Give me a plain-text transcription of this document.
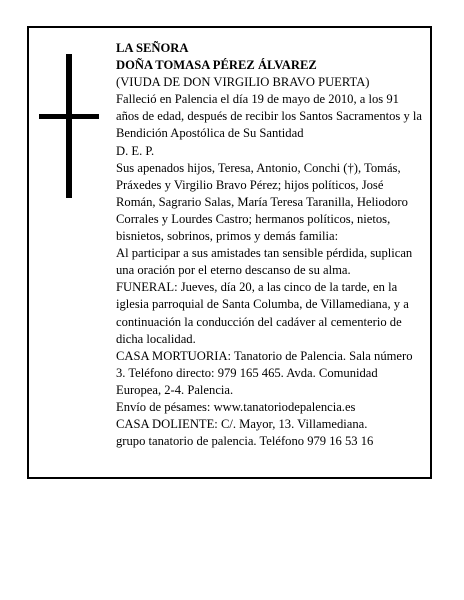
LA SEÑORA

DOÑA TOMASA PÉREZ ÁLVAREZ

(VIUDA DE DON VIRGILIO BRAVO PUERTA)

Falleció en Palencia el día 19 de mayo de 2010, a los 91 años de edad, después de recibir los Santos Sacramentos y la Bendición Apostólica de Su Santidad

D. E. P.

Sus apenados hijos, Teresa, Antonio, Conchi (†), Tomás, Práxedes y Virgilio Bravo Pérez; hijos políticos, José Román, Sagrario Salas, María Teresa Taranilla, Heliodoro Corrales y Lourdes Castro; hermanos políticos, nietos, bisnietos, sobrinos, primos y demás familia:

Al participar a sus amistades tan sensible pérdida, suplican una oración por el eterno descanso de su alma.

FUNERAL: Jueves, día 20, a las cinco de la tarde, en la iglesia parroquial de Santa Columba, de Villamediana, y a continuación la conducción del cadáver al cementerio de dicha localidad.

CASA MORTUORIA: Tanatorio de Palencia. Sala número 3. Teléfono directo: 979 165 465. Avda. Comunidad Europea, 2-4. Palencia.

Envío de pésames: www.tanatoriodepalencia.es

CASA DOLIENTE: C/. Mayor, 13. Villamediana.

grupo tanatorio de palencia. Teléfono 979 16 53 16
